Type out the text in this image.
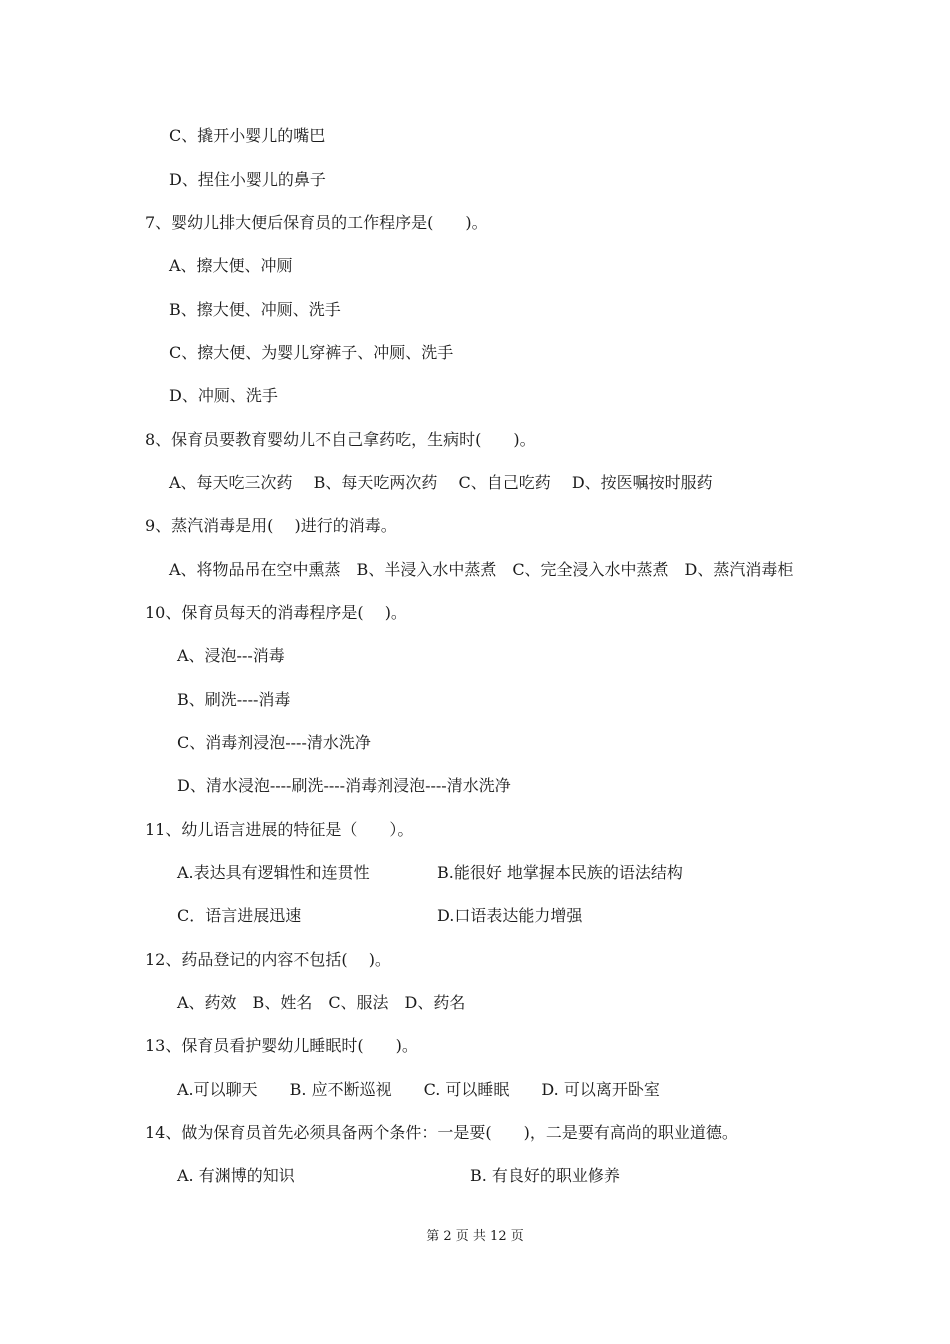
C、撬开小婴儿的嘴巴
D、捏住小婴儿的鼻子
7、婴幼儿排大便后保育员的工作程序是(　　)。
A、擦大便、冲厕
B、擦大便、冲厕、洗手
C、擦大便、为婴儿穿裤子、冲厕、洗手
D、冲厕、洗手
8、保育员要教育婴幼儿不自己拿药吃，生病时(　　)。
A、每天吃三次药　 B、每天吃两次药　 C、自己吃药　 D、按医嘱按时服药
9、蒸汽消毒是用(　 )进行的消毒。
A、将物品吊在空中熏蒸　B、半浸入水中蒸煮　C、完全浸入水中蒸煮　D、蒸汽消毒柜
10、保育员每天的消毒程序是(　 )。
A、浸泡---消毒
B、刷洗----消毒
C、消毒剂浸泡----清水洗净
D、清水浸泡----刷洗----消毒剂浸泡----清水洗净
11、幼儿语言进展的特征是（　　）。
A.表达具有逻辑性和连贯性	B.能很好 地掌握本民族的语法结构
C．语言进展迅速	D.口语表达能力增强
12、药品登记的内容不包括(　 )。
A、药效　B、姓名　C、服法　D、药名
13、保育员看护婴幼儿睡眠时(　　)。
A.可以聊天　　B. 应不断巡视　　C. 可以睡眠　　D. 可以离开卧室
14、做为保育员首先必须具备两个条件：一是要(　　)，二是要有高尚的职业道德。
A. 有渊博的知识	B. 有良好的职业修养
第 2 页 共 12 页
